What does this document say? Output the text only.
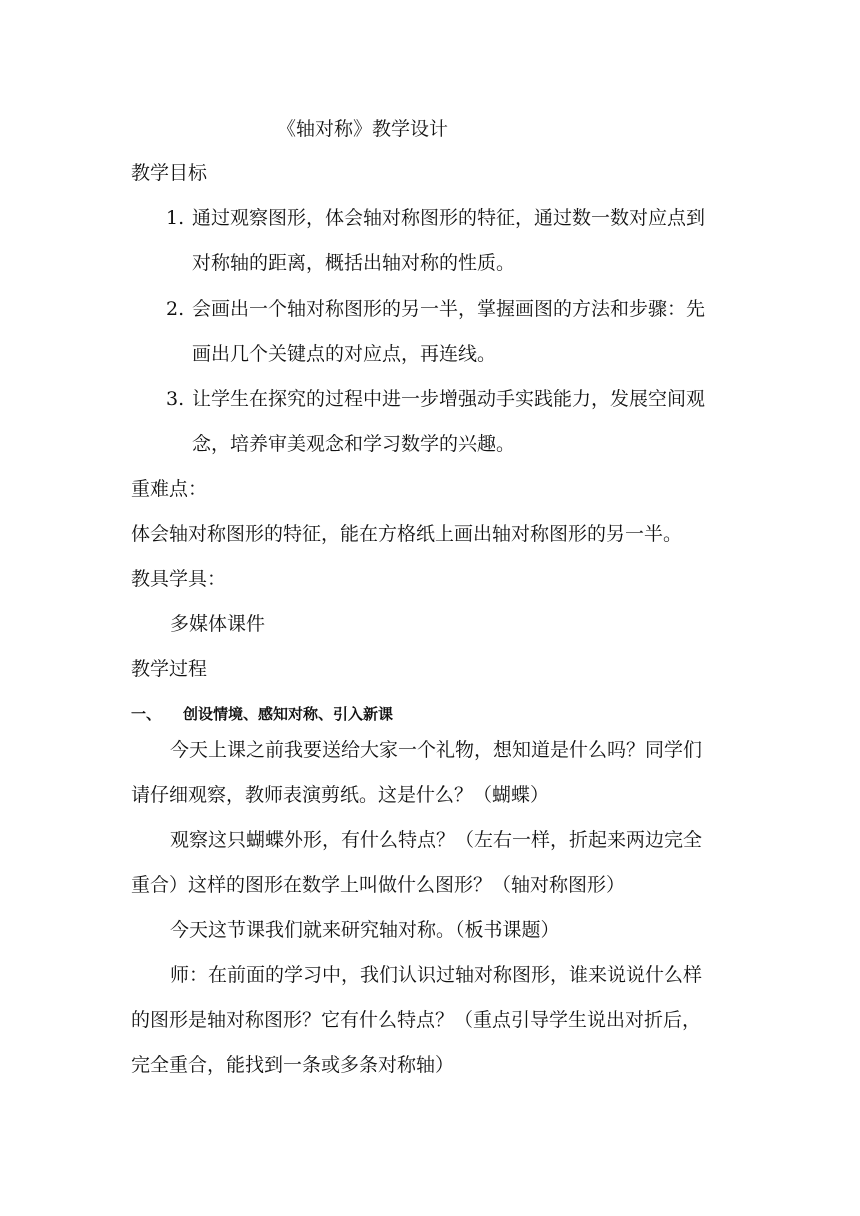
《轴对称》教学设计
教学目标
1. 通过观察图形，体会轴对称图形的特征，通过数一数对应点到
对称轴的距离，概括出轴对称的性质。
2. 会画出一个轴对称图形的另一半，掌握画图的方法和步骤：先
画出几个关键点的对应点，再连线。
3. 让学生在探究的过程中进一步增强动手实践能力，发展空间观
念，培养审美观念和学习数学的兴趣。
重难点：
体会轴对称图形的特征，能在方格纸上画出轴对称图形的另一半。
教具学具：
多媒体课件
教学过程
一、 创设情境、感知对称、引入新课
今天上课之前我要送给大家一个礼物，想知道是什么吗？同学们
请仔细观察，教师表演剪纸。这是什么？（蝴蝶）
观察这只蝴蝶外形，有什么特点？（左右一样，折起来两边完全
重合）这样的图形在数学上叫做什么图形？（轴对称图形）
今天这节课我们就来研究轴对称。（板书课题）
师：在前面的学习中，我们认识过轴对称图形，谁来说说什么样
的图形是轴对称图形？它有什么特点？（重点引导学生说出对折后，
完全重合，能找到一条或多条对称轴）
